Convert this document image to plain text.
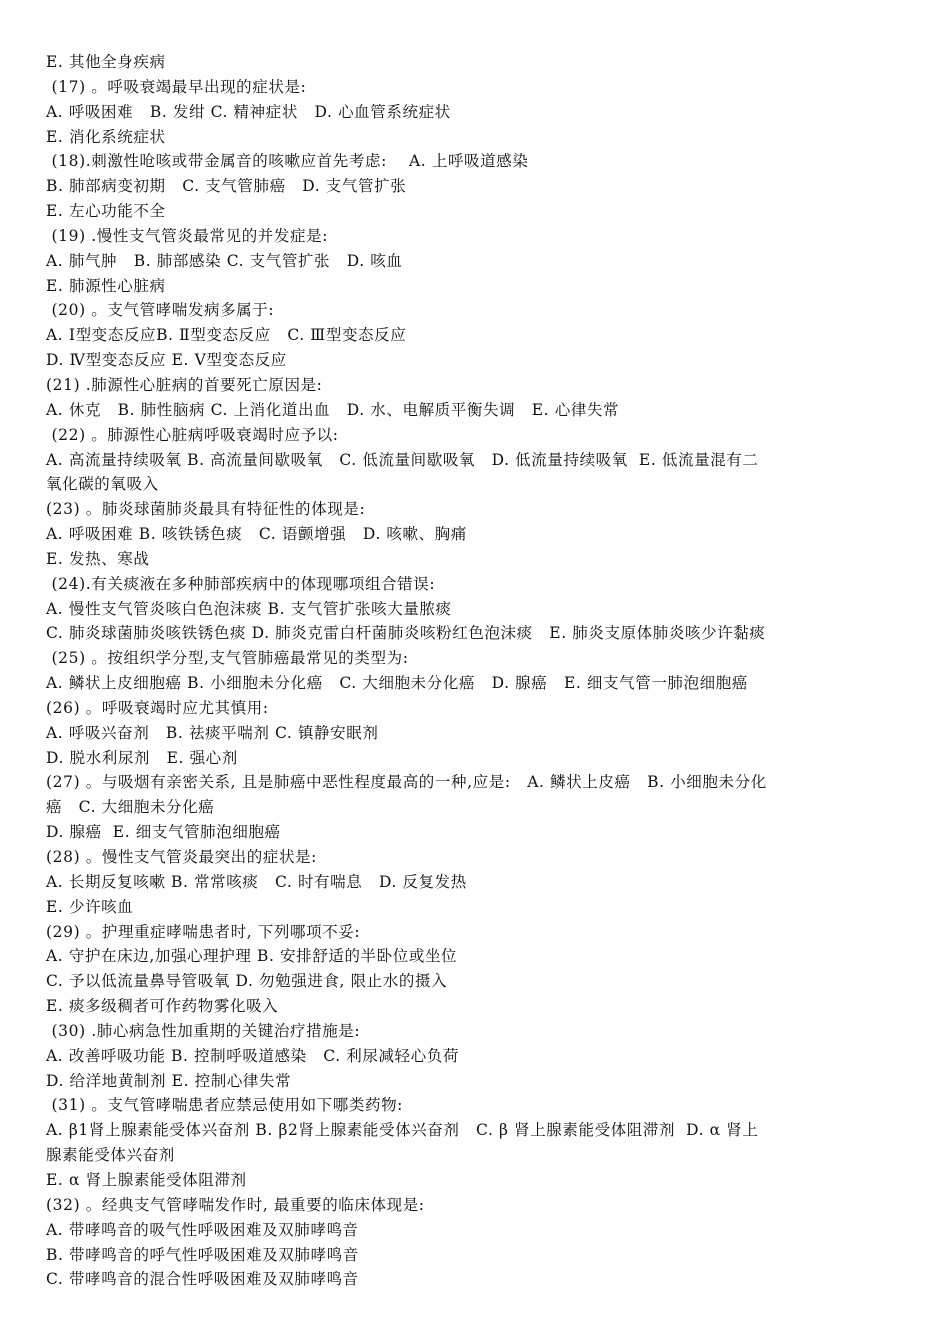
E. 其他全身疾病
(17) 。呼吸衰竭最早出现的症状是:
A. 呼吸困难   B. 发绀 C. 精神症状   D. 心血管系统症状
E. 消化系统症状
(18).刺激性呛咳或带金属音的咳嗽应首先考虑:    A. 上呼吸道感染
B. 肺部病变初期   C. 支气管肺癌   D. 支气管扩张
E. 左心功能不全
(19) .慢性支气管炎最常见的并发症是:
A. 肺气肿   B. 肺部感染 C. 支气管扩张   D. 咳血
E. 肺源性心脏病
(20) 。支气管哮喘发病多属于:
A. Ⅰ型变态反应B. Ⅱ型变态反应   C. Ⅲ型变态反应
D. Ⅳ型变态反应 E. Ⅴ型变态反应
(21) .肺源性心脏病的首要死亡原因是:
A. 休克   B. 肺性脑病 C. 上消化道出血   D. 水、电解质平衡失调   E. 心律失常
(22) 。肺源性心脏病呼吸衰竭时应予以:
A. 高流量持续吸氧 B. 高流量间歇吸氧   C. 低流量间歇吸氧   D. 低流量持续吸氧  E. 低流量混有二
氧化碳的氧吸入
(23) 。肺炎球菌肺炎最具有特征性的体现是:
A. 呼吸困难 B. 咳铁锈色痰   C. 语颤增强   D. 咳嗽、胸痛
E. 发热、寒战
(24).有关痰液在多种肺部疾病中的体现哪项组合错误:
A. 慢性支气管炎咳白色泡沫痰 B. 支气管扩张咳大量脓痰
C. 肺炎球菌肺炎咳铁锈色痰 D. 肺炎克雷白杆菌肺炎咳粉红色泡沫痰   E. 肺炎支原体肺炎咳少许黏痰
(25) 。按组织学分型,支气管肺癌最常见的类型为:
A. 鳞状上皮细胞癌 B. 小细胞未分化癌   C. 大细胞未分化癌   D. 腺癌   E. 细支气管一肺泡细胞癌
(26) 。呼吸衰竭时应尤其慎用:
A. 呼吸兴奋剂   B. 祛痰平喘剂 C. 镇静安眠剂
D. 脱水利尿剂   E. 强心剂
(27) 。与吸烟有亲密关系, 且是肺癌中恶性程度最高的一种,应是:   A. 鳞状上皮癌   B. 小细胞未分化
癌   C. 大细胞未分化癌
D. 腺癌  E. 细支气管肺泡细胞癌
(28) 。慢性支气管炎最突出的症状是:
A. 长期反复咳嗽 B. 常常咳痰   C. 时有喘息   D. 反复发热
E. 少许咳血
(29) 。护理重症哮喘患者时, 下列哪项不妥:
A. 守护在床边,加强心理护理 B. 安排舒适的半卧位或坐位
C. 予以低流量鼻导管吸氧 D. 勿勉强进食, 限止水的摄入
E. 痰多级稠者可作药物雾化吸入
(30) .肺心病急性加重期的关键治疗措施是:
A. 改善呼吸功能 B. 控制呼吸道感染   C. 利尿减轻心负荷
D. 给洋地黄制剂 E. 控制心律失常
(31) 。支气管哮喘患者应禁忌使用如下哪类药物:
A. β1肾上腺素能受体兴奋剂 B. β2肾上腺素能受体兴奋剂   C. β 肾上腺素能受体阻滞剂  D. α 肾上
腺素能受体兴奋剂
E. α 肾上腺素能受体阻滞剂
(32) 。经典支气管哮喘发作时, 最重要的临床体现是:
A. 带哮鸣音的吸气性呼吸困难及双肺哮鸣音
B. 带哮鸣音的呼气性呼吸困难及双肺哮鸣音
C. 带哮鸣音的混合性呼吸困难及双肺哮鸣音
